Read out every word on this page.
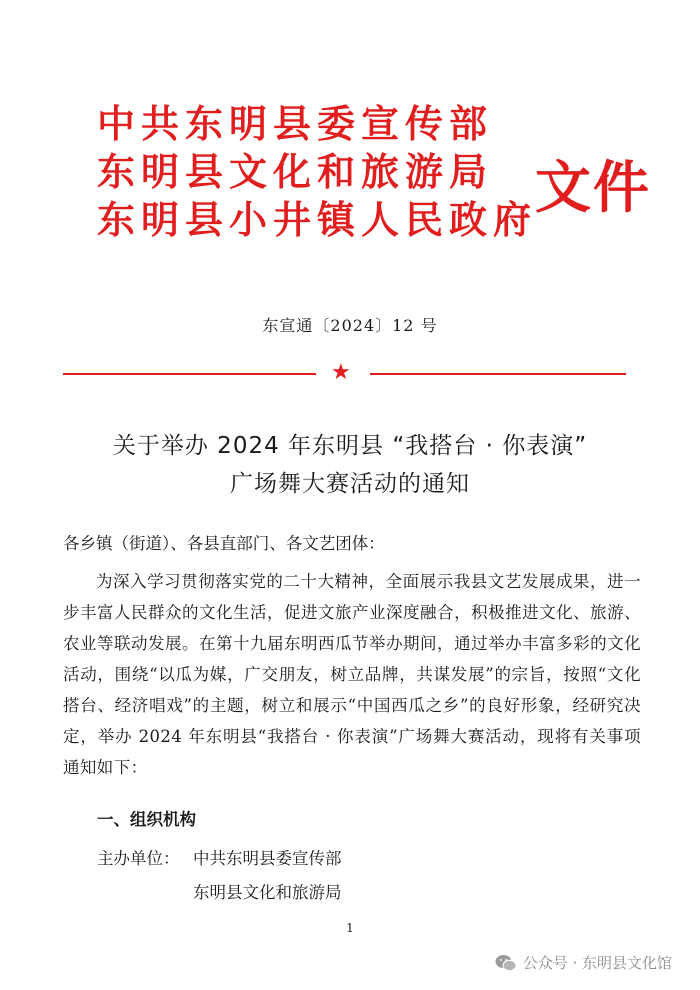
中共东明县委宣传部
东明县文化和旅游局
东明县小井镇人民政府
文件
东宣通〔2024〕12 号
★
关于举办 2024 年东明县 “我搭台 · 你表演”
广场舞大赛活动的通知
各乡镇（街道）、各县直部门、各文艺团体：
为深入学习贯彻落实党的二十大精神，全面展示我县文艺发展成果，进一步丰富人民群众的文化生活，促进文旅产业深度融合，积极推进文化、旅游、农业等联动发展。在第十九届东明西瓜节举办期间，通过举办丰富多彩的文化活动，围绕“以瓜为媒，广交朋友，树立品牌，共谋发展”的宗旨，按照“文化搭台、经济唱戏”的主题，树立和展示“中国西瓜之乡”的良好形象，经研究决定，举办 2024 年东明县“我搭台 · 你表演”广场舞大赛活动，现将有关事项通知如下：
一、组织机构
主办单位： 中共东明县委宣传部
东明县文化和旅游局
1
公众号 · 东明县文化馆
